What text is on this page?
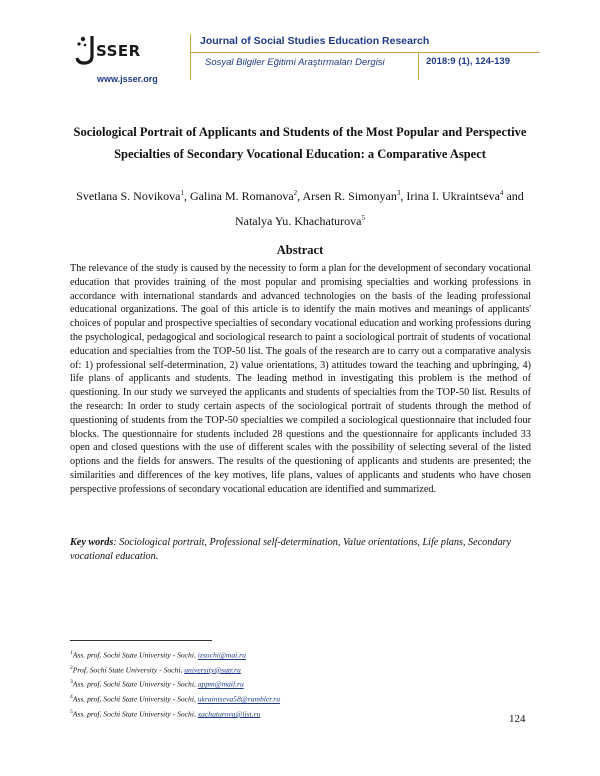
SSER
www.jsser.org
Journal of Social Studies Education Research
Sosyal Bilgiler Eğitimi Araştırmaları Dergisi	2018:9 (1), 124-139
Sociological Portrait of Applicants and Students of the Most Popular and Perspective
Specialties of Secondary Vocational Education: a Comparative Aspect
Svetlana S. Novikova$^1$, Galina M. Romanova$^2$, Arsen R. Simonyan$^3$, Irina I. Ukraintseva$^4$ and
Natalya Yu. Khachaturova$^5$
Abstract
The relevance of the study is caused by the necessity to form a plan for the development of secondary vocational education that provides training of the most popular and promising specialties and working professions in accordance with international standards and advanced technologies on the basis of the leading professional educational organizations. The goal of this article is to identify the main motives and meanings of applicants' choices of popular and prospective specialties of secondary vocational education and working professions during the psychological, pedagogical and sociological research to paint a sociological portrait of students of vocational education and specialties from the TOP-50 list. The goals of the research are to carry out a comparative analysis of: 1) professional self-determination, 2) value orientations, 3) attitudes toward the teaching and upbringing, 4) life plans of applicants and students. The leading method in investigating this problem is the method of questioning. In our study we surveyed the applicants and students of specialties from the TOP-50 list. Results of the research: In order to study certain aspects of the sociological portrait of students through the method of questioning of students from the TOP-50 specialties we compiled a sociological questionnaire that included four blocks. The questionnaire for students included 28 questions and the questionnaire for applicants included 33 open and closed questions with the use of different scales with the possibility of selecting several of the listed options and the fields for answers. The results of the questioning of applicants and students are presented; the similarities and differences of the key motives, life plans, values of applicants and students who have chosen perspective professions of secondary vocational education are identified and summarized.
Key words: Sociological portrait, Professional self-determination, Value orientations, Life plans, Secondary vocational education.
$^1$Ass. prof, Sochi State University - Sochi, izsochi@mai.ru
$^2$Prof, Sochi State University - Sochi, university@sutr.ru
$^3$Ass. prof, Sochi State University - Sochi, appm@mail.ru
$^4$Ass. prof, Sochi State University - Sochi, ukraintseva58@rambler.ru
$^5$Ass. prof, Sochi State University - Sochi, xachaturova@list.ru	124
